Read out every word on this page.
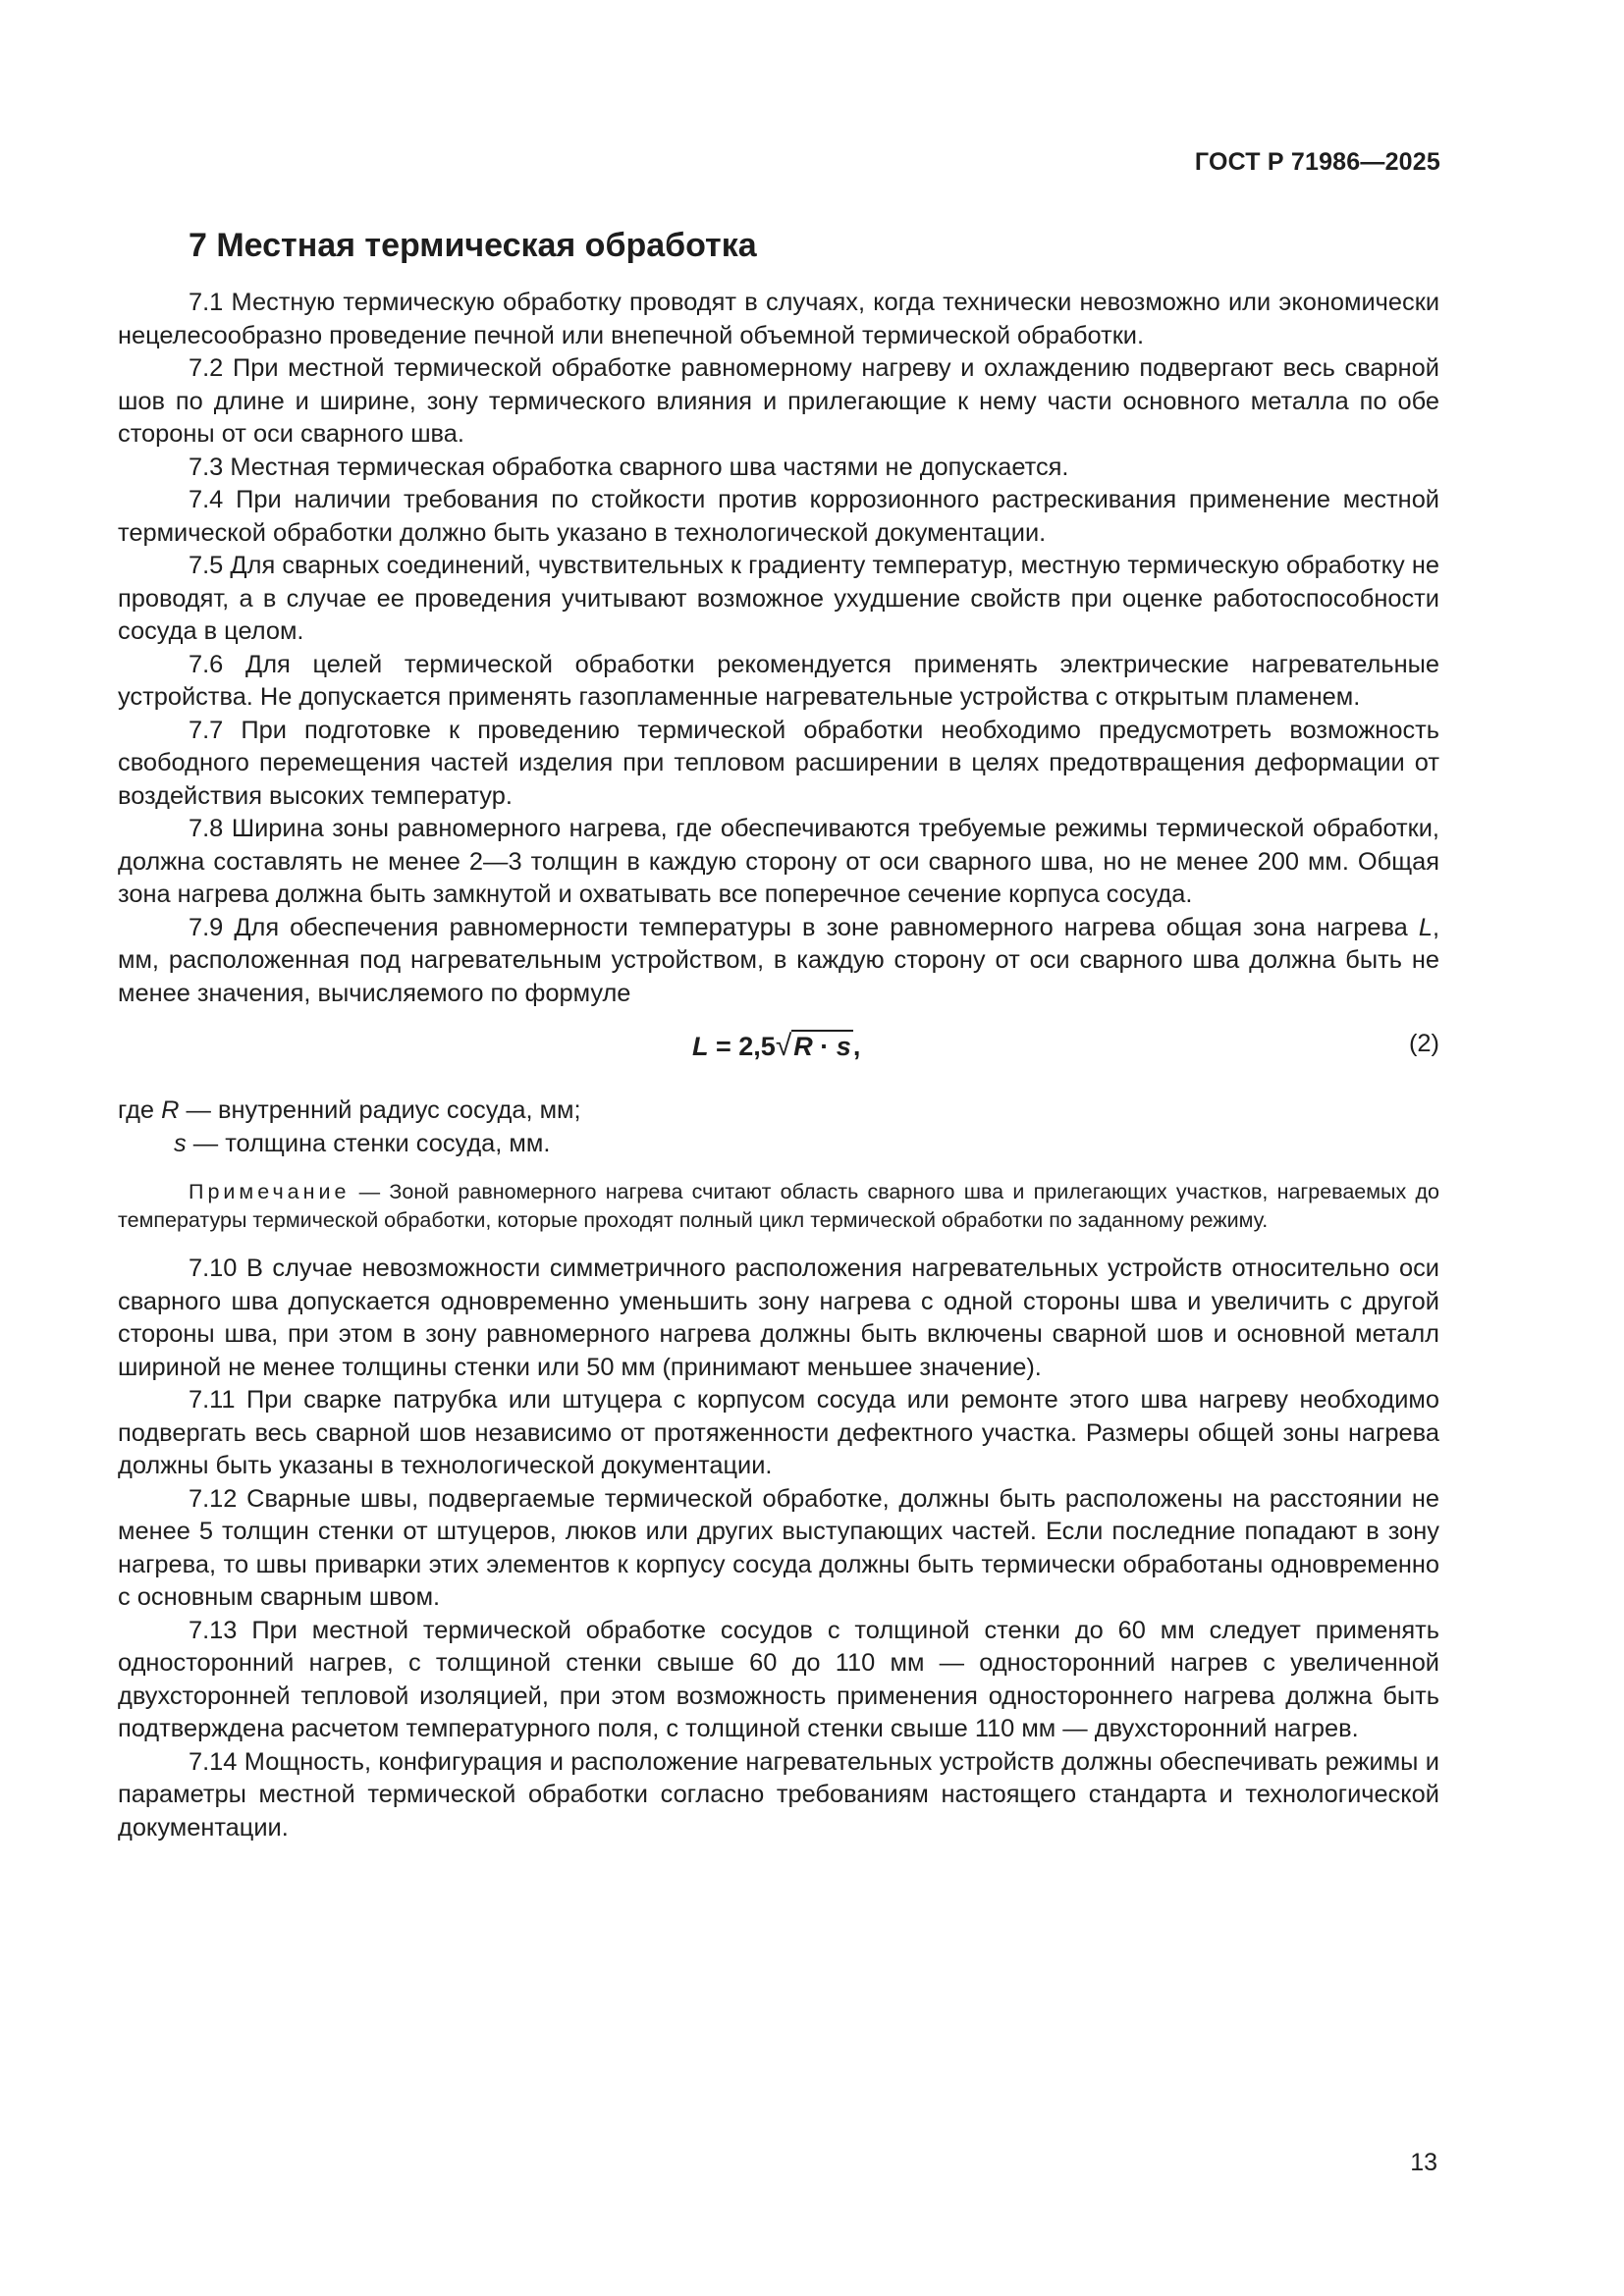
ГОСТ Р 71986—2025
7 Местная термическая обработка

7.1 Местную термическую обработку проводят в случаях, когда технически невозможно или экономически нецелесообразно проведение печной или внепечной объемной термической обработки.

7.2 При местной термической обработке равномерному нагреву и охлаждению подвергают весь сварной шов по длине и ширине, зону термического влияния и прилегающие к нему части основного металла по обе стороны от оси сварного шва.

7.3 Местная термическая обработка сварного шва частями не допускается.

7.4 При наличии требования по стойкости против коррозионного растрескивания применение местной термической обработки должно быть указано в технологической документации.

7.5 Для сварных соединений, чувствительных к градиенту температур, местную термическую обработку не проводят, а в случае ее проведения учитывают возможное ухудшение свойств при оценке работоспособности сосуда в целом.

7.6 Для целей термической обработки рекомендуется применять электрические нагревательные устройства. Не допускается применять газопламенные нагревательные устройства с открытым пламенем.

7.7 При подготовке к проведению термической обработки необходимо предусмотреть возможность свободного перемещения частей изделия при тепловом расширении в целях предотвращения деформации от воздействия высоких температур.

7.8 Ширина зоны равномерного нагрева, где обеспечиваются требуемые режимы термической обработки, должна составлять не менее 2—3 толщин в каждую сторону от оси сварного шва, но не менее 200 мм. Общая зона нагрева должна быть замкнутой и охватывать все поперечное сечение корпуса сосуда.

7.9 Для обеспечения равномерности температуры в зоне равномерного нагрева общая зона нагрева L, мм, расположенная под нагревательным устройством, в каждую сторону от оси сварного шва должна быть не менее значения, вычисляемого по формуле

L = 2,5√R · s,	(2)

где R — внутренний радиус сосуда, мм;

s — толщина стенки сосуда, мм.

Примечание — Зоной равномерного нагрева считают область сварного шва и прилегающих участков, нагреваемых до температуры термической обработки, которые проходят полный цикл термической обработки по заданному режиму.

7.10 В случае невозможности симметричного расположения нагревательных устройств относительно оси сварного шва допускается одновременно уменьшить зону нагрева с одной стороны шва и увеличить с другой стороны шва, при этом в зону равномерного нагрева должны быть включены сварной шов и основной металл шириной не менее толщины стенки или 50 мм (принимают меньшее значение).

7.11 При сварке патрубка или штуцера с корпусом сосуда или ремонте этого шва нагреву необходимо подвергать весь сварной шов независимо от протяженности дефектного участка. Размеры общей зоны нагрева должны быть указаны в технологической документации.

7.12 Сварные швы, подвергаемые термической обработке, должны быть расположены на расстоянии не менее 5 толщин стенки от штуцеров, люков или других выступающих частей. Если последние попадают в зону нагрева, то швы приварки этих элементов к корпусу сосуда должны быть термически обработаны одновременно с основным сварным швом.

7.13 При местной термической обработке сосудов с толщиной стенки до 60 мм следует применять односторонний нагрев, с толщиной стенки свыше 60 до 110 мм — односторонний нагрев с увеличенной двухсторонней тепловой изоляцией, при этом возможность применения одностороннего нагрева должна быть подтверждена расчетом температурного поля, с толщиной стенки свыше 110 мм — двухсторонний нагрев.

7.14 Мощность, конфигурация и расположение нагревательных устройств должны обеспечивать режимы и параметры местной термической обработки согласно требованиям настоящего стандарта и технологической документации.

13
